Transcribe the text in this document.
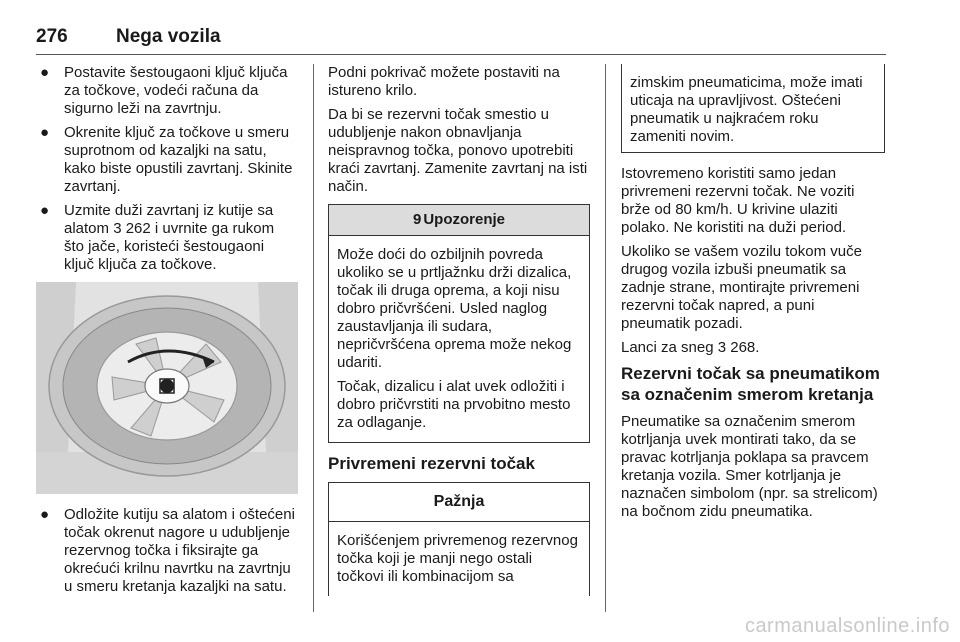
276	Nega vozila
● Postavite šestougaoni ključ ključa za točkove, vodeći računa da sigurno leži na zavrtnju.
● Okrenite ključ za točkove u smeru suprotnom od kazaljki na satu, kako biste opustili zavrtanj. Skinite zavrtanj.
● Uzmite duži zavrtanj iz kutije sa alatom 3 262 i uvrnite ga rukom što jače, koristeći šestougaoni ključ ključa za točkove.
● Odložite kutiju sa alatom i oštećeni točak okrenut nagore u udubljenje rezervnog točka i fiksirajte ga okrećući krilnu navrtku na zavrtnju u smeru kretanja kazaljki na satu.

Podni pokrivač možete postaviti na istureno krilo.

Da bi se rezervni točak smestio u udubljenje nakon obnavljanja neispravnog točka, ponovo upotrebiti kraći zavrtanj. Zamenite zavrtanj na isti način.

9 Upozorenje

Može doći do ozbiljnih povreda ukoliko se u prtljažnku drži dizalica, točak ili druga oprema, a koji nisu dobro pričvršćeni. Usled naglog zaustavljanja ili sudara, nepričvršćena oprema može nekog udariti.

Točak, dizalicu i alat uvek odložiti i dobro pričvrstiti na prvobitno mesto za odlaganje.

Privremeni rezervni točak
Pažnja

Korišćenjem privremenog rezervnog točka koji je manji nego ostali točkovi ili kombinacijom sa

zimskim pneumaticima, može imati uticaja na upravljivost. Oštećeni pneumatik u najkraćem roku zameniti novim.

Istovremeno koristiti samo jedan privremeni rezervni točak. Ne voziti brže od 80 km/h. U krivine ulaziti polako. Ne koristiti na duži period.

Ukoliko se vašem vozilu tokom vuče drugog vozila izbuši pneumatik sa zadnje strane, montirajte privremeni rezervni točak napred, a puni pneumatik pozadi.

Lanci za sneg 3 268.

Rezervni točak sa pneumatikom sa označenim smerom kretanja

Pneumatike sa označenim smerom kotrljanja uvek montirati tako, da se pravac kotrljanja poklapa sa pravcem kretanja vozila. Smer kotrljanja je naznačen simbolom (npr. sa strelicom) na bočnom zidu pneumatika.

carmanualsonline.info
